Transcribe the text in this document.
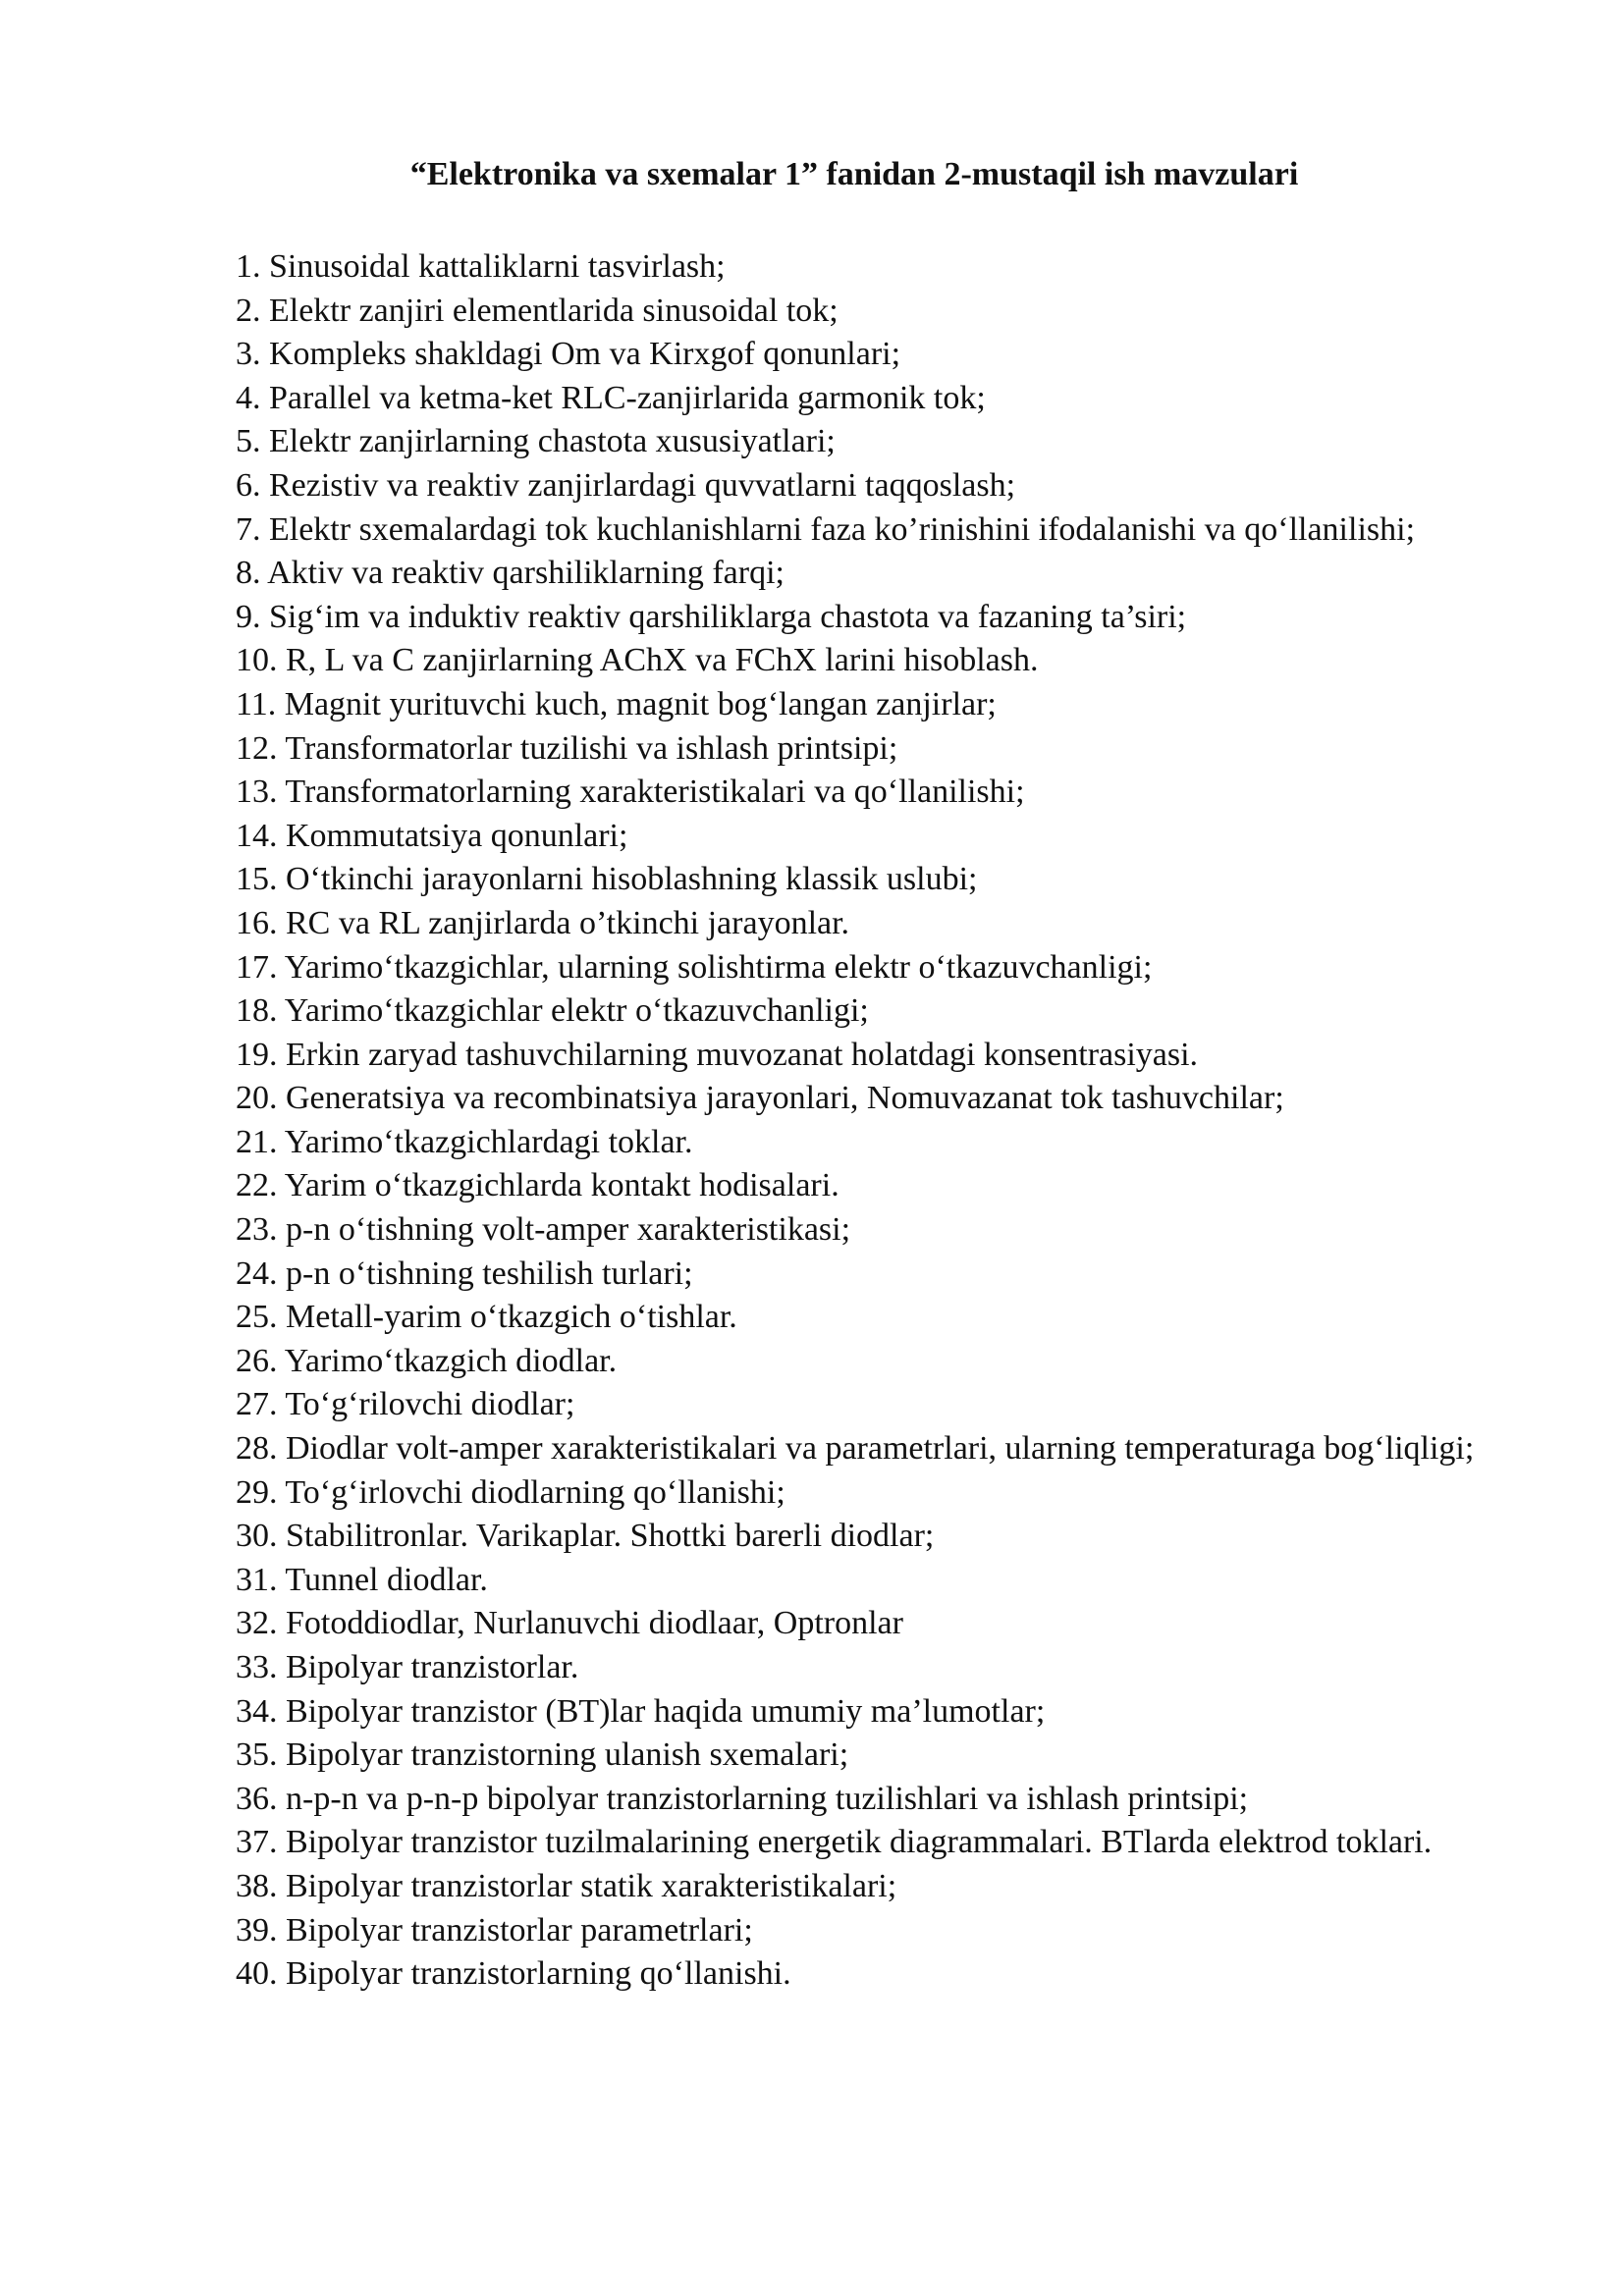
“Elektronika va sxemalar 1” fanidan 2-mustaqil ish mavzulari
1. Sinusoidal kattaliklarni tasvirlash;
2. Elektr zanjiri elementlarida sinusoidal tok;
3. Kompleks shakldagi Om va Kirxgof qonunlari;
4. Parallel va ketma-ket RLC-zanjirlarida garmonik tok;
5. Elektr zanjirlarning chastota xususiyatlari;
6. Rezistiv va reaktiv zanjirlardagi quvvatlarni taqqoslash;
7. Elektr sxemalardagi tok kuchlanishlarni faza ko’rinishini ifodalanishi va qo‘llanilishi;
8. Aktiv va reaktiv qarshiliklarning farqi;
9. Sig‘im va induktiv reaktiv qarshiliklarga chastota va fazaning ta’siri;
10. R, L va C zanjirlarning AChX va FChX larini hisoblash.
11. Magnit yurituvchi kuch, magnit bog‘langan zanjirlar;
12. Transformatorlar tuzilishi va ishlash printsipi;
13. Transformatorlarning xarakteristikalari va qo‘llanilishi;
14. Kommutatsiya qonunlari;
15. O‘tkinchi jarayonlarni hisoblashning klassik uslubi;
16. RC va RL zanjirlarda o’tkinchi jarayonlar.
17. Yarimo‘tkazgichlar, ularning solishtirma elektr o‘tkazuvchanligi;
18. Yarimo‘tkazgichlar elektr o‘tkazuvchanligi;
19. Erkin zaryad tashuvchilarning muvozanat holatdagi konsentrasiyasi.
20. Generatsiya va recombinatsiya jarayonlari, Nomuvazanat tok tashuvchilar;
21. Yarimo‘tkazgichlardagi toklar.
22. Yarim o‘tkazgichlarda kontakt hodisalari.
23. p-n o‘tishning volt-amper xarakteristikasi;
24. p-n o‘tishning teshilish turlari;
25. Metall-yarim o‘tkazgich o‘tishlar.
26. Yarimo‘tkazgich diodlar.
27. To‘g‘rilovchi diodlar;
28. Diodlar volt-amper xarakteristikalari va parametrlari, ularning temperaturaga bog‘liqligi;
29. To‘g‘irlovchi diodlarning qo‘llanishi;
30. Stabilitronlar. Varikaplar. Shottki barerli diodlar;
31. Tunnel diodlar.
32. Fotoddiodlar, Nurlanuvchi diodlaar, Optronlar
33. Bipolyar tranzistorlar.
34. Bipolyar tranzistor (BT)lar haqida umumiy ma’lumotlar;
35. Bipolyar tranzistorning ulanish sxemalari;
36. n-p-n va p-n-p bipolyar tranzistorlarning tuzilishlari va ishlash printsipi;
37. Bipolyar tranzistor tuzilmalarining energetik diagrammalari. BTlarda elektrod toklari.
38. Bipolyar tranzistorlar statik xarakteristikalari;
39. Bipolyar tranzistorlar parametrlari;
40. Bipolyar tranzistorlarning qo‘llanishi.
